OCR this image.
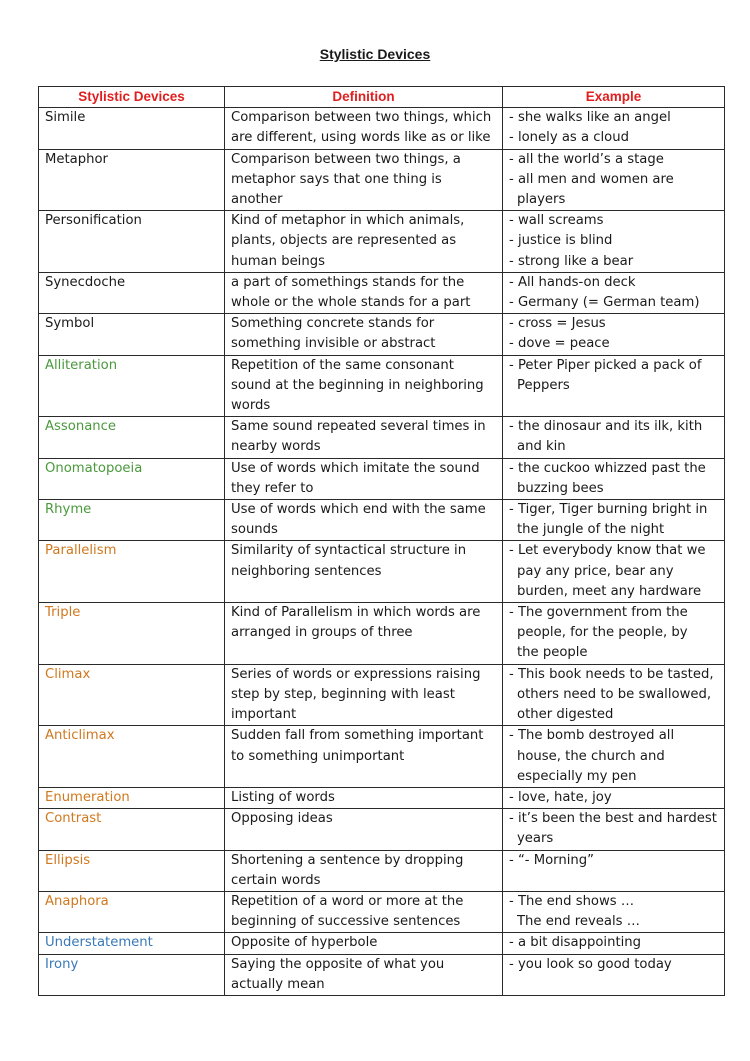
Stylistic Devices
Stylistic Devices	Definition	Example
Simile	Comparison between two things, which
are different, using words like as or like	- she walks like an angel
- lonely as a cloud

Metaphor	Comparison between two things, a
metaphor says that one thing is
another	- all the world’s a stage
- all men and women are
players

Personification	Kind of metaphor in which animals,
plants, objects are represented as
human beings	- wall screams
- justice is blind
- strong like a bear

Synecdoche	a part of somethings stands for the
whole or the whole stands for a part	- All hands-on deck
- Germany (= German team)

Symbol	Something concrete stands for
something invisible or abstract	- cross = Jesus
- dove = peace

Alliteration	Repetition of the same consonant
sound at the beginning in neighboring
words	- Peter Piper picked a pack of
Peppers

Assonance	Same sound repeated several times in
nearby words	- the dinosaur and its ilk, kith
and kin

Onomatopoeia	Use of words which imitate the sound
they refer to	- the cuckoo whizzed past the
buzzing bees

Rhyme	Use of words which end with the same
sounds	- Tiger, Tiger burning bright in
the jungle of the night

Parallelism	Similarity of syntactical structure in
neighboring sentences	- Let everybody know that we
pay any price, bear any
burden, meet any hardware

Triple	Kind of Parallelism in which words are
arranged in groups of three	- The government from the
people, for the people, by
the people

Climax	Series of words or expressions raising
step by step, beginning with least
important	- This book needs to be tasted,
others need to be swallowed,
other digested

Anticlimax	Sudden fall from something important
to something unimportant	- The bomb destroyed all
house, the church and
especially my pen

Enumeration	Listing of words	- love, hate, joy

Contrast	Opposing ideas	- it’s been the best and hardest
years

Ellipsis	Shortening a sentence by dropping
certain words	- “- Morning”

Anaphora	Repetition of a word or more at the
beginning of successive sentences	- The end shows …
The end reveals …

Understatement	Opposite of hyperbole	- a bit disappointing

Irony	Saying the opposite of what you
actually mean	- you look so good today
